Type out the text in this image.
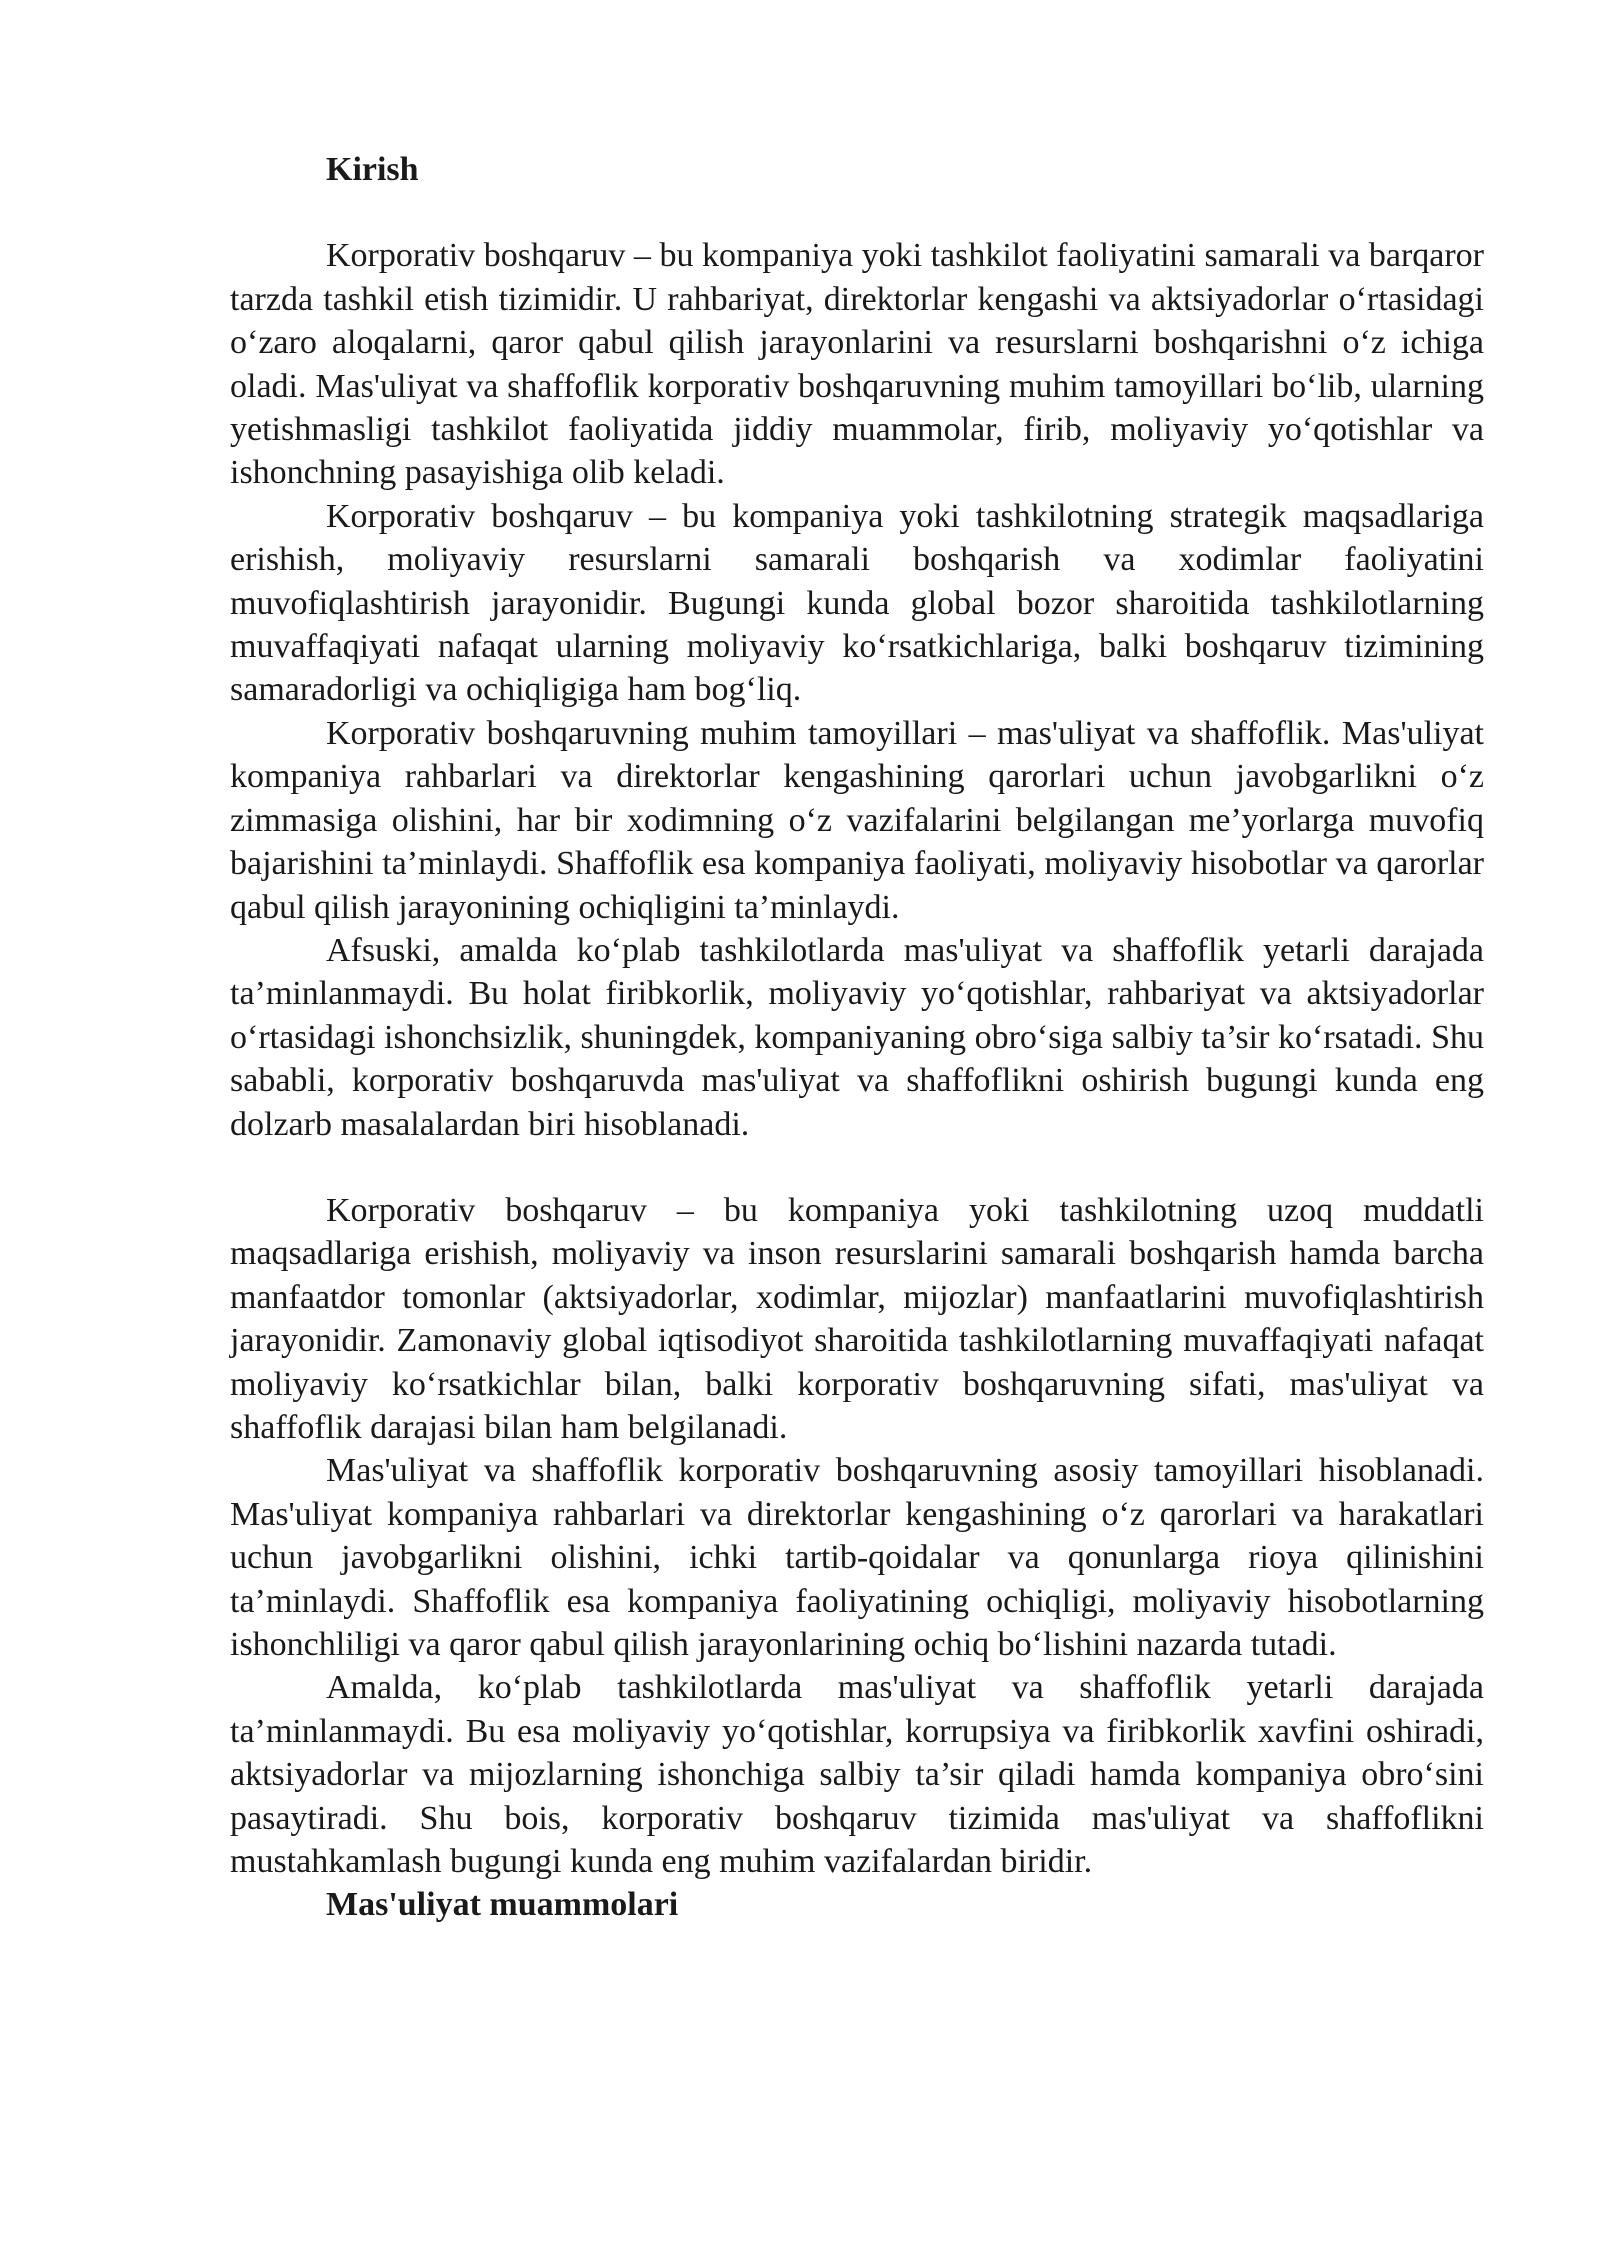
Kirish

Korporativ boshqaruv – bu kompaniya yoki tashkilot faoliyatini samarali va barqaror tarzda tashkil etish tizimidir. U rahbariyat, direktorlar kengashi va aktsiyadorlar oʻrtasidagi oʻzaro aloqalarni, qaror qabul qilish jarayonlarini va resurslarni boshqarishni oʻz ichiga oladi. Mas'uliyat va shaffoflik korporativ boshqaruvning muhim tamoyillari boʻlib, ularning yetishmasligi tashkilot faoliyatida jiddiy muammolar, firib, moliyaviy yoʻqotishlar va ishonchning pasayishiga olib keladi.

Korporativ boshqaruv – bu kompaniya yoki tashkilotning strategik maqsadlariga erishish, moliyaviy resurslarni samarali boshqarish va xodimlar faoliyatini muvofiqlashtirish jarayonidir. Bugungi kunda global bozor sharoitida tashkilotlarning muvaffaqiyati nafaqat ularning moliyaviy koʻrsatkichlariga, balki boshqaruv tizimining samaradorligi va ochiqligiga ham bogʻliq.

Korporativ boshqaruvning muhim tamoyillari – mas'uliyat va shaffoflik. Mas'uliyat kompaniya rahbarlari va direktorlar kengashining qarorlari uchun javobgarlikni oʻz zimmasiga olishini, har bir xodimning oʻz vazifalarini belgilangan me’yorlarga muvofiq bajarishini ta’minlaydi. Shaffoflik esa kompaniya faoliyati, moliyaviy hisobotlar va qarorlar qabul qilish jarayonining ochiqligini ta’minlaydi.

Afsuski, amalda koʻplab tashkilotlarda mas'uliyat va shaffoflik yetarli darajada ta’minlanmaydi. Bu holat firibkorlik, moliyaviy yoʻqotishlar, rahbariyat va aktsiyadorlar oʻrtasidagi ishonchsizlik, shuningdek, kompaniyaning obroʻsiga salbiy ta’sir koʻrsatadi. Shu sababli, korporativ boshqaruvda mas'uliyat va shaffoflikni oshirish bugungi kunda eng dolzarb masalalardan biri hisoblanadi.

Korporativ boshqaruv – bu kompaniya yoki tashkilotning uzoq muddatli maqsadlariga erishish, moliyaviy va inson resurslarini samarali boshqarish hamda barcha manfaatdor tomonlar (aktsiyadorlar, xodimlar, mijozlar) manfaatlarini muvofiqlashtirish jarayonidir. Zamonaviy global iqtisodiyot sharoitida tashkilotlarning muvaffaqiyati nafaqat moliyaviy koʻrsatkichlar bilan, balki korporativ boshqaruvning sifati, mas'uliyat va shaffoflik darajasi bilan ham belgilanadi.

Mas'uliyat va shaffoflik korporativ boshqaruvning asosiy tamoyillari hisoblanadi. Mas'uliyat kompaniya rahbarlari va direktorlar kengashining oʻz qarorlari va harakatlari uchun javobgarlikni olishini, ichki tartib-qoidalar va qonunlarga rioya qilinishini ta’minlaydi. Shaffoflik esa kompaniya faoliyatining ochiqligi, moliyaviy hisobotlarning ishonchliligi va qaror qabul qilish jarayonlarining ochiq boʻlishini nazarda tutadi.

Amalda, koʻplab tashkilotlarda mas'uliyat va shaffoflik yetarli darajada ta’minlanmaydi. Bu esa moliyaviy yoʻqotishlar, korrupsiya va firibkorlik xavfini oshiradi, aktsiyadorlar va mijozlarning ishonchiga salbiy ta’sir qiladi hamda kompaniya obroʻsini pasaytiradi. Shu bois, korporativ boshqaruv tizimida mas'uliyat va shaffoflikni mustahkamlash bugungi kunda eng muhim vazifalardan biridir.

Mas'uliyat muammolari
